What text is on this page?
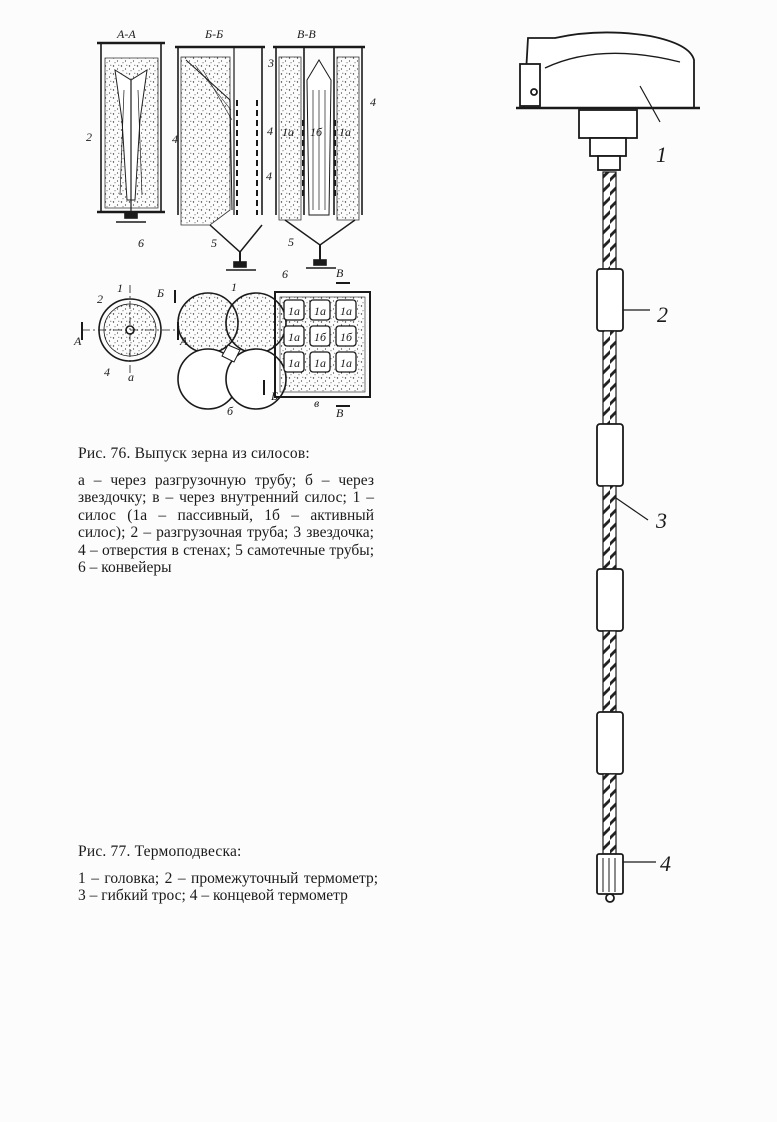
А-А	Б-Б	В-В
2	4
6
3
4
5
4
4
1а 1б 1а
5
6
1
2
4
А	А
а
Б
Б
1
б
В
В
в
1а 1а 1а
1а 1б 1б
1а 1а 1а
1
2
3
4
Рис. 76. Выпуск зерна из силосов:
а – через разгрузочную трубу; б – через звездочку; в – через внутренний силос; 1 – силос (1а – пассивный, 1б – активный силос); 2 – разгрузочная труба; 3 звездочка; 4 – отверстия в стенах; 5 самотечные трубы; 6 – конвейеры
Рис. 77. Термоподвеска:
1 – головка; 2 – промежуточный термометр; 3 – гибкий трос; 4 – концевой термометр
